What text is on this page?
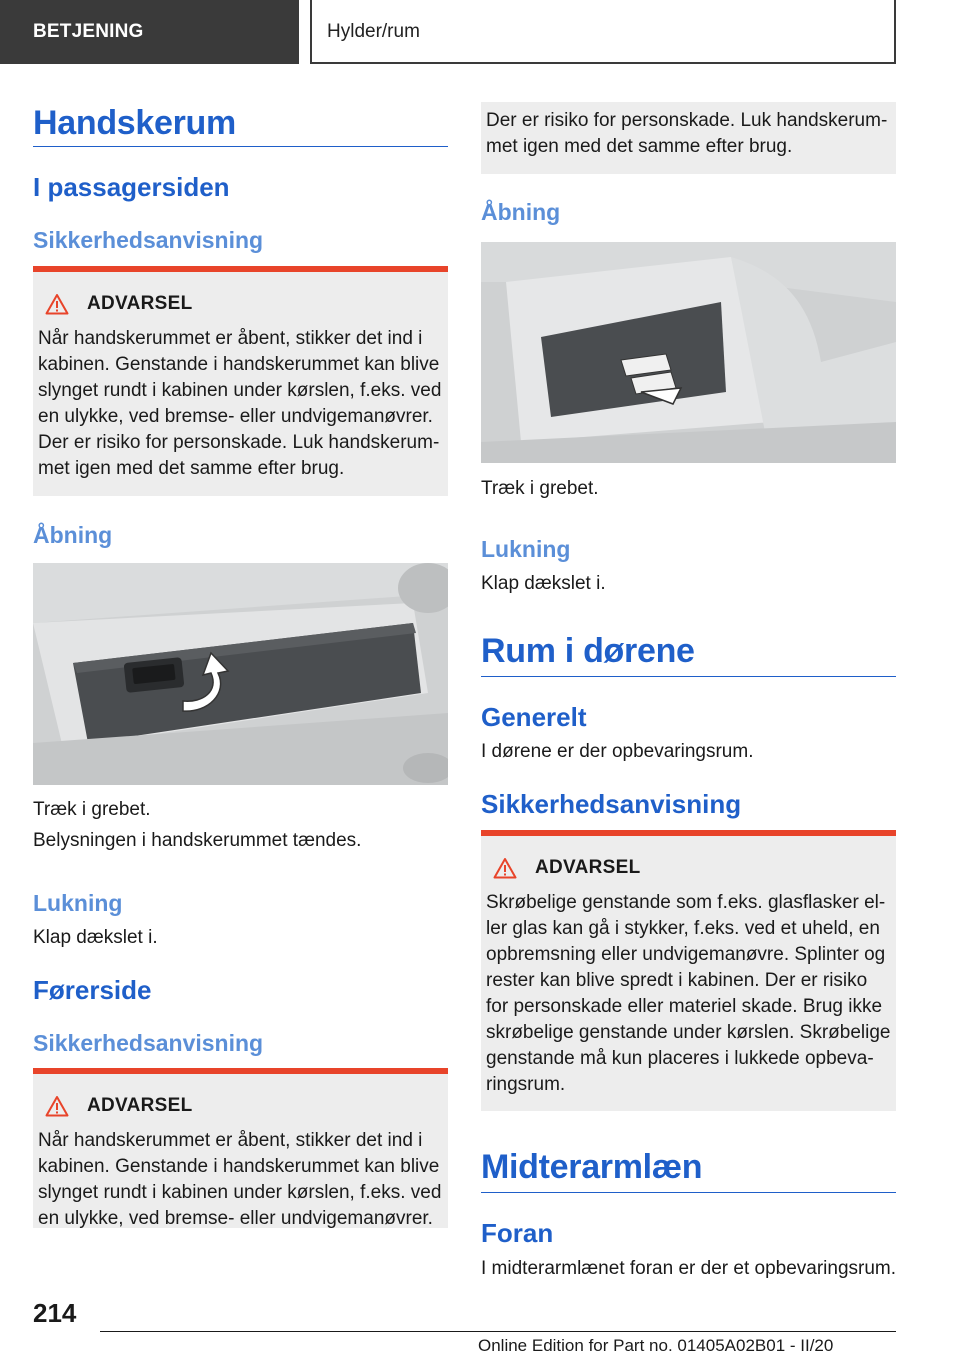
BETJENING	Hylder/rum
Handskerum
I passagersiden
Sikkerhedsanvisning
ADVARSEL
Når handskerummet er åbent, stikker det ind i kabinen. Genstande i handskerummet kan blive slynget rundt i kabinen under kørslen, f.eks. ved en ulykke, ved bremse- eller undvigemanøvrer. Der er risiko for personskade. Luk handskerummet igen med det samme efter brug.
Åbning
Træk i grebet.
Belysningen i handskerummet tændes.
Lukning
Klap dækslet i.
Førerside
Sikkerhedsanvisning
ADVARSEL
Når handskerummet er åbent, stikker det ind i kabinen. Genstande i handskerummet kan blive slynget rundt i kabinen under kørslen, f.eks. ved en ulykke, ved bremse- eller undvigemanøvrer.
Der er risiko for personskade. Luk handskerummet igen med det samme efter brug.
Åbning
Træk i grebet.
Lukning
Klap dækslet i.
Rum i dørene
Generelt
I dørene er der opbevaringsrum.
Sikkerhedsanvisning
ADVARSEL
Skrøbelige genstande som f.eks. glasflasker eller glas kan gå i stykker, f.eks. ved et uheld, en opbremsning eller undvigemanøvre. Splinter og rester kan blive spredt i kabinen. Der er risiko for personskade eller materiel skade. Brug ikke skrøbelige genstande under kørslen. Skrøbelige genstande må kun placeres i lukkede opbevaringsrum.
Midterarmlæn
Foran
I midterarmlænet foran er der et opbevaringsrum.
214
Online Edition for Part no. 01405A02B01 - II/20
